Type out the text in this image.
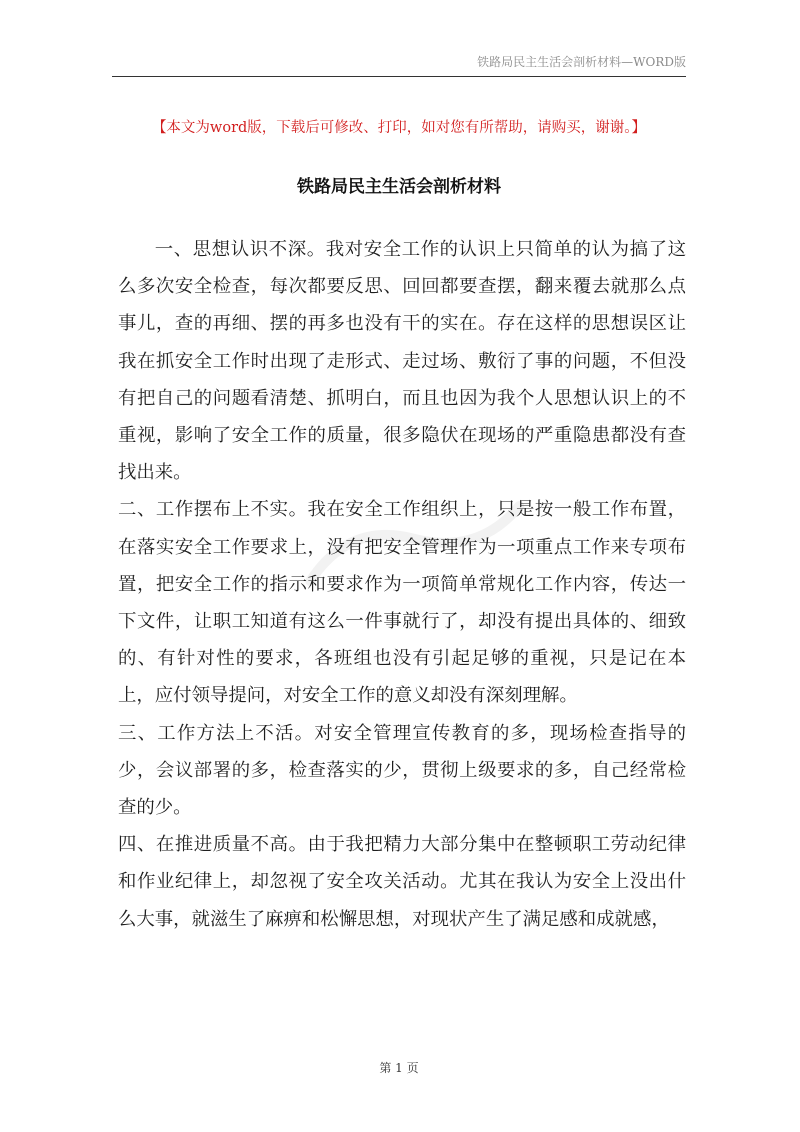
铁路局民主生活会剖析材料—WORD版
【本文为word版，下载后可修改、打印，如对您有所帮助，请购买，谢谢。】
铁路局民主生活会剖析材料

一、思想认识不深。我对安全工作的认识上只简单的认为搞了这么多次安全检查，每次都要反思、回回都要查摆，翻来覆去就那么点事儿，查的再细、摆的再多也没有干的实在。存在这样的思想误区让我在抓安全工作时出现了走形式、走过场、敷衍了事的问题，不但没有把自己的问题看清楚、抓明白，而且也因为我个人思想认识上的不重视，影响了安全工作的质量，很多隐伏在现场的严重隐患都没有查找出来。

二、工作摆布上不实。我在安全工作组织上，只是按一般工作布置，在落实安全工作要求上，没有把安全管理作为一项重点工作来专项布置，把安全工作的指示和要求作为一项简单常规化工作内容，传达一下文件，让职工知道有这么一件事就行了，却没有提出具体的、细致的、有针对性的要求，各班组也没有引起足够的重视，只是记在本上，应付领导提问，对安全工作的意义却没有深刻理解。

三、工作方法上不活。对安全管理宣传教育的多，现场检查指导的少，会议部署的多，检查落实的少，贯彻上级要求的多，自己经常检查的少。

四、在推进质量不高。由于我把精力大部分集中在整顿职工劳动纪律和作业纪律上，却忽视了安全攻关活动。尤其在我认为安全上没出什么大事，就滋生了麻痹和松懈思想，对现状产生了满足感和成就感，

第 1 页
